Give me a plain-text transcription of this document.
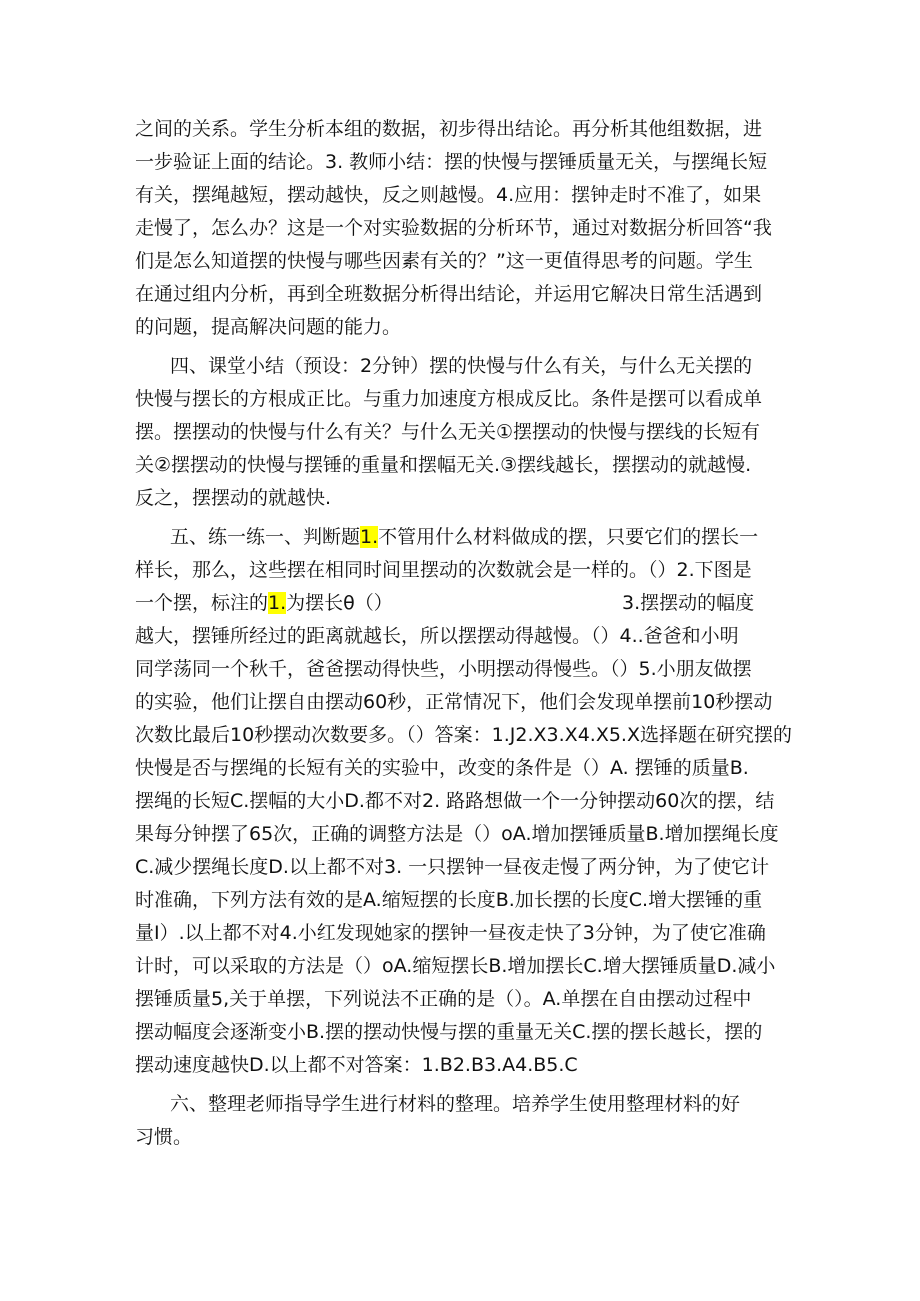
之间的关系。学生分析本组的数据，初步得出结论。再分析其他组数据，进
一步验证上面的结论。3. 教师小结：摆的快慢与摆锤质量无关，与摆绳长短
有关，摆绳越短，摆动越快，反之则越慢。4.应用：摆钟走时不准了，如果
走慢了，怎么办？这是一个对实验数据的分析环节，通过对数据分析回答“我
们是怎么知道摆的快慢与哪些因素有关的？”这一更值得思考的问题。学生
在通过组内分析，再到全班数据分析得出结论，并运用它解决日常生活遇到
的问题，提高解决问题的能力。
四、课堂小结（预设：2分钟）摆的快慢与什么有关，与什么无关摆的
快慢与摆长的方根成正比。与重力加速度方根成反比。条件是摆可以看成单
摆。摆摆动的快慢与什么有关？与什么无关①摆摆动的快慢与摆线的长短有
关②摆摆动的快慢与摆锤的重量和摆幅无关.③摆线越长，摆摆动的就越慢.
反之，摆摆动的就越快.
五、练一练一、判断题1.不管用什么材料做成的摆，只要它们的摆长一
样长，那么，这些摆在相同时间里摆动的次数就会是一样的。（）2.下图是
一个摆，标注的1.为摆长θ（）	3.摆摆动的幅度
越大，摆锤所经过的距离就越长，所以摆摆动得越慢。（）4..爸爸和小明
同学荡同一个秋千，爸爸摆动得快些，小明摆动得慢些。（）5.小朋友做摆
的实验，他们让摆自由摆动60秒，正常情况下，他们会发现单摆前10秒摆动
次数比最后10秒摆动次数要多。（）答案：1.J2.X3.X4.X5.X选择题在研究摆的
快慢是否与摆绳的长短有关的实验中，改变的条件是（）A. 摆锤的质量B.
摆绳的长短C.摆幅的大小D.都不对2. 路路想做一个一分钟摆动60次的摆，结
果每分钟摆了65次，正确的调整方法是（）oA.增加摆锤质量B.增加摆绳长度
C.减少摆绳长度D.以上都不对3. 一只摆钟一昼夜走慢了两分钟，为了使它计
时准确，下列方法有效的是A.缩短摆的长度B.加长摆的长度C.增大摆锤的重
量I）.以上都不对4.小红发现她家的摆钟一昼夜走快了3分钟，为了使它准确
计时，可以采取的方法是（）oA.缩短摆长B.增加摆长C.增大摆锤质量D.减小
摆锤质量5,关于单摆，下列说法不正确的是（）。A.单摆在自由摆动过程中
摆动幅度会逐渐变小B.摆的摆动快慢与摆的重量无关C.摆的摆长越长，摆的
摆动速度越快D.以上都不对答案：1.B2.B3.A4.B5.C
六、整理老师指导学生进行材料的整理。培养学生使用整理材料的好
习惯。
